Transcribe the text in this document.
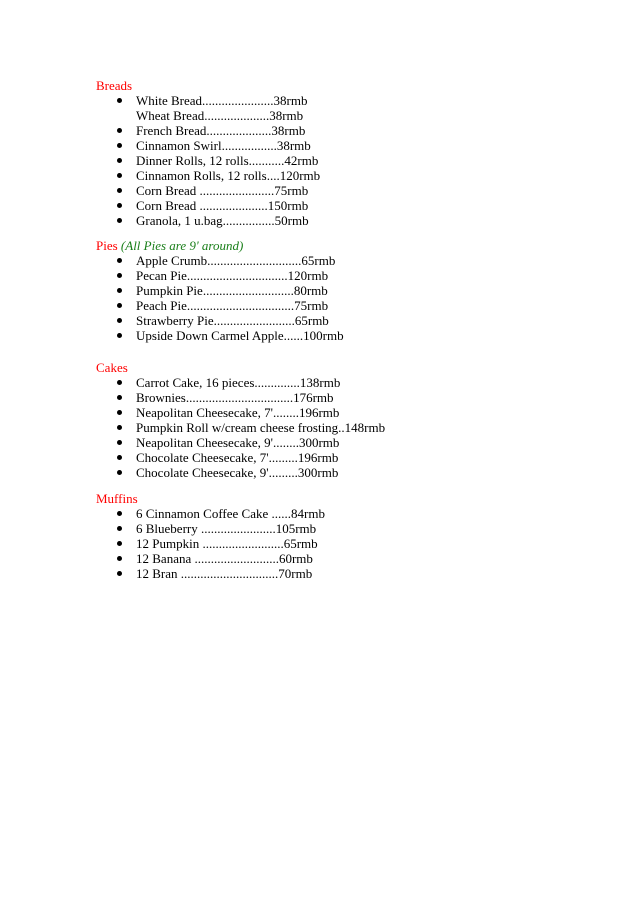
Breads
White Bread......................38rmb
Wheat Bread....................38rmb
French Bread....................38rmb
Cinnamon Swirl.................38rmb
Dinner Rolls, 12 rolls...........42rmb
Cinnamon Rolls, 12 rolls....120rmb
Corn Bread .......................75rmb
Corn Bread .....................150rmb
Granola, 1 u.bag................50rmb
Pies (All Pies are 9' around)
Apple Crumb.............................65rmb
Pecan Pie...............................120rmb
Pumpkin Pie............................80rmb
Peach Pie.................................75rmb
Strawberry Pie.........................65rmb
Upside Down Carmel Apple......100rmb
Cakes
Carrot Cake, 16 pieces..............138rmb
Brownies.................................176rmb
Neapolitan Cheesecake, 7'........196rmb
Pumpkin Roll w/cream cheese frosting..148rmb
Neapolitan Cheesecake, 9'........300rmb
Chocolate Cheesecake, 7'.........196rmb
Chocolate Cheesecake, 9'.........300rmb
Muffins
6 Cinnamon Coffee Cake ......84rmb
6 Blueberry .......................105rmb
12 Pumpkin .........................65rmb
12 Banana ..........................60rmb
12 Bran ..............................70rmb
